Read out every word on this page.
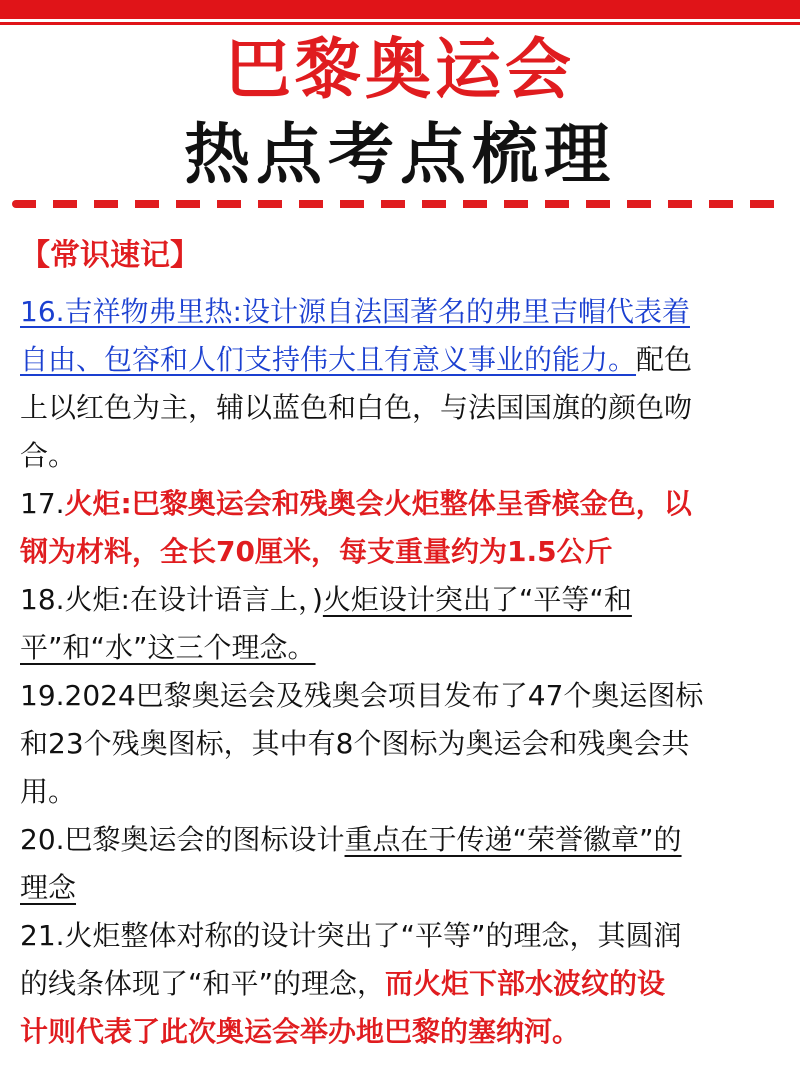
巴黎奥运会
热点考点梳理
【常识速记】
16.吉祥物弗里热:设计源自法国著名的弗里吉帽代表着
自由、包容和人们支持伟大且有意义事业的能力。配色
上以红色为主，辅以蓝色和白色，与法国国旗的颜色吻
合。
17.火炬:巴黎奥运会和残奥会火炬整体呈香槟金色，以
钢为材料，全长70厘米，每支重量约为1.5公斤
18.火炬:在设计语言上，)火炬设计突出了“平等“和
平”和“水”这三个理念。
19.2024巴黎奥运会及残奥会项目发布了47个奥运图标
和23个残奥图标，其中有8个图标为奥运会和残奥会共
用。
20.巴黎奥运会的图标设计重点在于传递“荣誉徽章”的
理念
21.火炬整体对称的设计突出了“平等”的理念，其圆润
的线条体现了“和平”的理念，而火炬下部水波纹的设
计则代表了此次奥运会举办地巴黎的塞纳河。
